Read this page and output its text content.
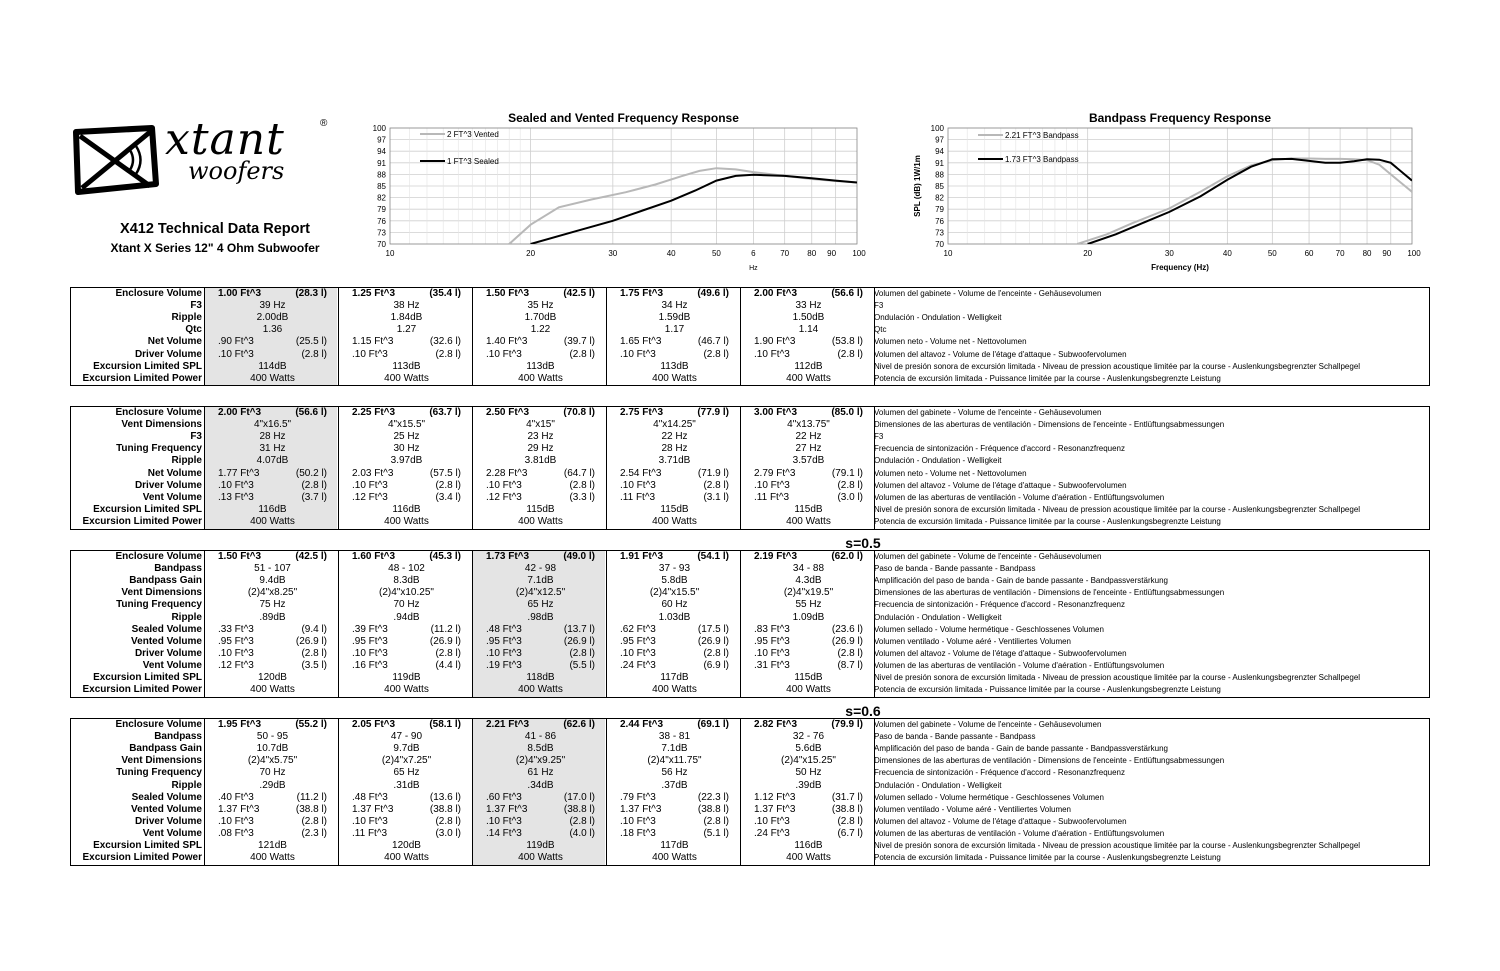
xtant
woofers
®
X412 Technical Data Report
Xtant X Series 12" 4 Ohm Subwoofer
Sealed and Vented Frequency Response
70
73
76
79
82
85
88
91
94
97
100
10	20	30	40	50	6	70 80 90 100
Hz
2 FT^3 Vented
1 FT^3 Sealed
Bandpass Frequency Response
70
73
76
79
82
85
88
91
94
97
100
10	20	30	40	50	60	70 80 90 100
Frequency (Hz)
SPL (dB) 1W/1m
2.21 FT^3 Bandpass
1.73 FT^3 Bandpass
Enclosure Volume 1.00 Ft^3	(28.3 l)	1.25 Ft^3	(35.4 l)	1.50 Ft^3	(42.5 l)	1.75 Ft^3	(49.6 l)	2.00 Ft^3	(56.6 l) Volumen del gabinete - Volume de l'enceinte - Gehäusevolumen
F3	39 Hz	38 Hz	35 Hz	34 Hz	33 Hz	F3
Ripple	2.00dB	1.84dB	1.70dB	1.59dB	1.50dB	Ondulación - Ondulation - Welligkeit
Qtc	1.36	1.27	1.22	1.17	1.14	Qtc
Net Volume .90 Ft^3	(25.5 l)	1.15 Ft^3	(32.6 l)	1.40 Ft^3	(39.7 l)	1.65 Ft^3	(46.7 l)	1.90 Ft^3	(53.8 l) Volumen neto - Volume net - Nettovolumen
Driver Volume .10 Ft^3	(2.8 l)	.10 Ft^3	(2.8 l)	.10 Ft^3	(2.8 l)	.10 Ft^3	(2.8 l)	.10 Ft^3	(2.8 l) Volumen del altavoz - Volume de l'étage d'attaque - Subwoofervolumen
Excursion Limited SPL	114dB	113dB	113dB	113dB	112dB	Nivel de presión sonora de excursión limitada - Niveau de pression acoustique limitée par la course - Auslenkungsbegrenzter Schallpegel
Excursion Limited Power	400 Watts	400 Watts	400 Watts	400 Watts	400 Watts	Potencia de excursión limitada - Puissance limitée par la course - Auslenkungsbegrenzte Leistung
Enclosure Volume 2.00 Ft^3	(56.6 l)	2.25 Ft^3	(63.7 l)	2.50 Ft^3	(70.8 l)	2.75 Ft^3	(77.9 l)	3.00 Ft^3	(85.0 l) Volumen del gabinete - Volume de l'enceinte - Gehäusevolumen
Vent Dimensions	4"x16.5"	4"x15.5"	4"x15"	4"x14.25"	4"x13.75"	Dimensiones de las aberturas de ventilación - Dimensions de l'enceinte - Entlüftungsabmessungen
F3	28 Hz	25 Hz	23 Hz	22 Hz	22 Hz	F3
Tuning Frequency	31 Hz	30 Hz	29 Hz	28 Hz	27 Hz	Frecuencia de sintonización - Fréquence d'accord - Resonanzfrequenz
Ripple	4.07dB	3.97dB	3.81dB	3.71dB	3.57dB	Ondulación - Ondulation - Welligkeit
Net Volume 1.77 Ft^3	(50.2 l)	2.03 Ft^3	(57.5 l)	2.28 Ft^3	(64.7 l)	2.54 Ft^3	(71.9 l)	2.79 Ft^3	(79.1 l) Volumen neto - Volume net - Nettovolumen
Driver Volume .10 Ft^3	(2.8 l)	.10 Ft^3	(2.8 l)	.10 Ft^3	(2.8 l)	.10 Ft^3	(2.8 l)	.10 Ft^3	(2.8 l) Volumen del altavoz - Volume de l'étage d'attaque - Subwoofervolumen
Vent Volume .13 Ft^3	(3.7 l)	.12 Ft^3	(3.4 l)	.12 Ft^3	(3.3 l)	.11 Ft^3	(3.1 l)	.11 Ft^3	(3.0 l) Volumen de las aberturas de ventilación - Volume d'aération - Entlüftungsvolumen
Excursion Limited SPL	116dB	116dB	115dB	115dB	115dB	Nivel de presión sonora de excursión limitada - Niveau de pression acoustique limitée par la course - Auslenkungsbegrenzter Schallpegel
Excursion Limited Power	400 Watts	400 Watts	400 Watts	400 Watts	400 Watts	Potencia de excursión limitada - Puissance limitée par la course - Auslenkungsbegrenzte Leistung
s=0.5
Enclosure Volume 1.50 Ft^3	(42.5 l)	1.60 Ft^3	(45.3 l)	1.73 Ft^3	(49.0 l)	1.91 Ft^3	(54.1 l)	2.19 Ft^3	(62.0 l) Volumen del gabinete - Volume de l'enceinte - Gehäusevolumen
Bandpass	51 - 107	48 - 102	42 - 98	37 - 93	34 - 88	Paso de banda - Bande passante - Bandpass
Bandpass Gain	9.4dB	8.3dB	7.1dB	5.8dB	4.3dB	Amplificación del paso de banda - Gain de bande passante - Bandpassverstärkung
Vent Dimensions	(2)4"x8.25"	(2)4"x10.25"	(2)4"x12.5"	(2)4"x15.5"	(2)4"x19.5"	Dimensiones de las aberturas de ventilación - Dimensions de l'enceinte - Entlüftungsabmessungen
Tuning Frequency	75 Hz	70 Hz	65 Hz	60 Hz	55 Hz	Frecuencia de sintonización - Fréquence d'accord - Resonanzfrequenz
Ripple	.89dB	.94dB	.98dB	1.03dB	1.09dB	Ondulación - Ondulation - Welligkeit
Sealed Volume .33 Ft^3	(9.4 l)	.39 Ft^3	(11.2 l)	.48 Ft^3	(13.7 l)	.62 Ft^3	(17.5 l)	.83 Ft^3	(23.6 l) Volumen sellado - Volume hermétique - Geschlossenes Volumen
Vented Volume .95 Ft^3	(26.9 l)	.95 Ft^3	(26.9 l)	.95 Ft^3	(26.9 l)	.95 Ft^3	(26.9 l)	.95 Ft^3	(26.9 l) Volumen ventilado - Volume aéré - Ventiliertes Volumen
Driver Volume .10 Ft^3	(2.8 l)	.10 Ft^3	(2.8 l)	.10 Ft^3	(2.8 l)	.10 Ft^3	(2.8 l)	.10 Ft^3	(2.8 l) Volumen del altavoz - Volume de l'étage d'attaque - Subwoofervolumen
Vent Volume .12 Ft^3	(3.5 l)	.16 Ft^3	(4.4 l)	.19 Ft^3	(5.5 l)	.24 Ft^3	(6.9 l)	.31 Ft^3	(8.7 l) Volumen de las aberturas de ventilación - Volume d'aération - Entlüftungsvolumen
Excursion Limited SPL	120dB	119dB	118dB	117dB	115dB	Nivel de presión sonora de excursión limitada - Niveau de pression acoustique limitée par la course - Auslenkungsbegrenzter Schallpegel
Excursion Limited Power	400 Watts	400 Watts	400 Watts	400 Watts	400 Watts	Potencia de excursión limitada - Puissance limitée par la course - Auslenkungsbegrenzte Leistung
s=0.6
Enclosure Volume 1.95 Ft^3	(55.2 l)	2.05 Ft^3	(58.1 l)	2.21 Ft^3	(62.6 l)	2.44 Ft^3	(69.1 l)	2.82 Ft^3	(79.9 l) Volumen del gabinete - Volume de l'enceinte - Gehäusevolumen
Bandpass	50 - 95	47 - 90	41 - 86	38 - 81	32 - 76	Paso de banda - Bande passante - Bandpass
Bandpass Gain	10.7dB	9.7dB	8.5dB	7.1dB	5.6dB	Amplificación del paso de banda - Gain de bande passante - Bandpassverstärkung
Vent Dimensions	(2)4"x5.75"	(2)4"x7.25"	(2)4"x9.25"	(2)4"x11.75"	(2)4"x15.25"	Dimensiones de las aberturas de ventilación - Dimensions de l'enceinte - Entlüftungsabmessungen
Tuning Frequency	70 Hz	65 Hz	61 Hz	56 Hz	50 Hz	Frecuencia de sintonización - Fréquence d'accord - Resonanzfrequenz
Ripple	.29dB	.31dB	.34dB	.37dB	.39dB	Ondulación - Ondulation - Welligkeit
Sealed Volume .40 Ft^3	(11.2 l)	.48 Ft^3	(13.6 l)	.60 Ft^3	(17.0 l)	.79 Ft^3	(22.3 l)	1.12 Ft^3	(31.7 l) Volumen sellado - Volume hermétique - Geschlossenes Volumen
Vented Volume 1.37 Ft^3	(38.8 l)	1.37 Ft^3	(38.8 l)	1.37 Ft^3	(38.8 l)	1.37 Ft^3	(38.8 l)	1.37 Ft^3	(38.8 l) Volumen ventilado - Volume aéré - Ventiliertes Volumen
Driver Volume .10 Ft^3	(2.8 l)	.10 Ft^3	(2.8 l)	.10 Ft^3	(2.8 l)	.10 Ft^3	(2.8 l)	.10 Ft^3	(2.8 l) Volumen del altavoz - Volume de l'étage d'attaque - Subwoofervolumen
Vent Volume .08 Ft^3	(2.3 l)	.11 Ft^3	(3.0 l)	.14 Ft^3	(4.0 l)	.18 Ft^3	(5.1 l)	.24 Ft^3	(6.7 l) Volumen de las aberturas de ventilación - Volume d'aération - Entlüftungsvolumen
Excursion Limited SPL	121dB	120dB	119dB	117dB	116dB	Nivel de presión sonora de excursión limitada - Niveau de pression acoustique limitée par la course - Auslenkungsbegrenzter Schallpegel
Excursion Limited Power	400 Watts	400 Watts	400 Watts	400 Watts	400 Watts	Potencia de excursión limitada - Puissance limitée par la course - Auslenkungsbegrenzte Leistung
